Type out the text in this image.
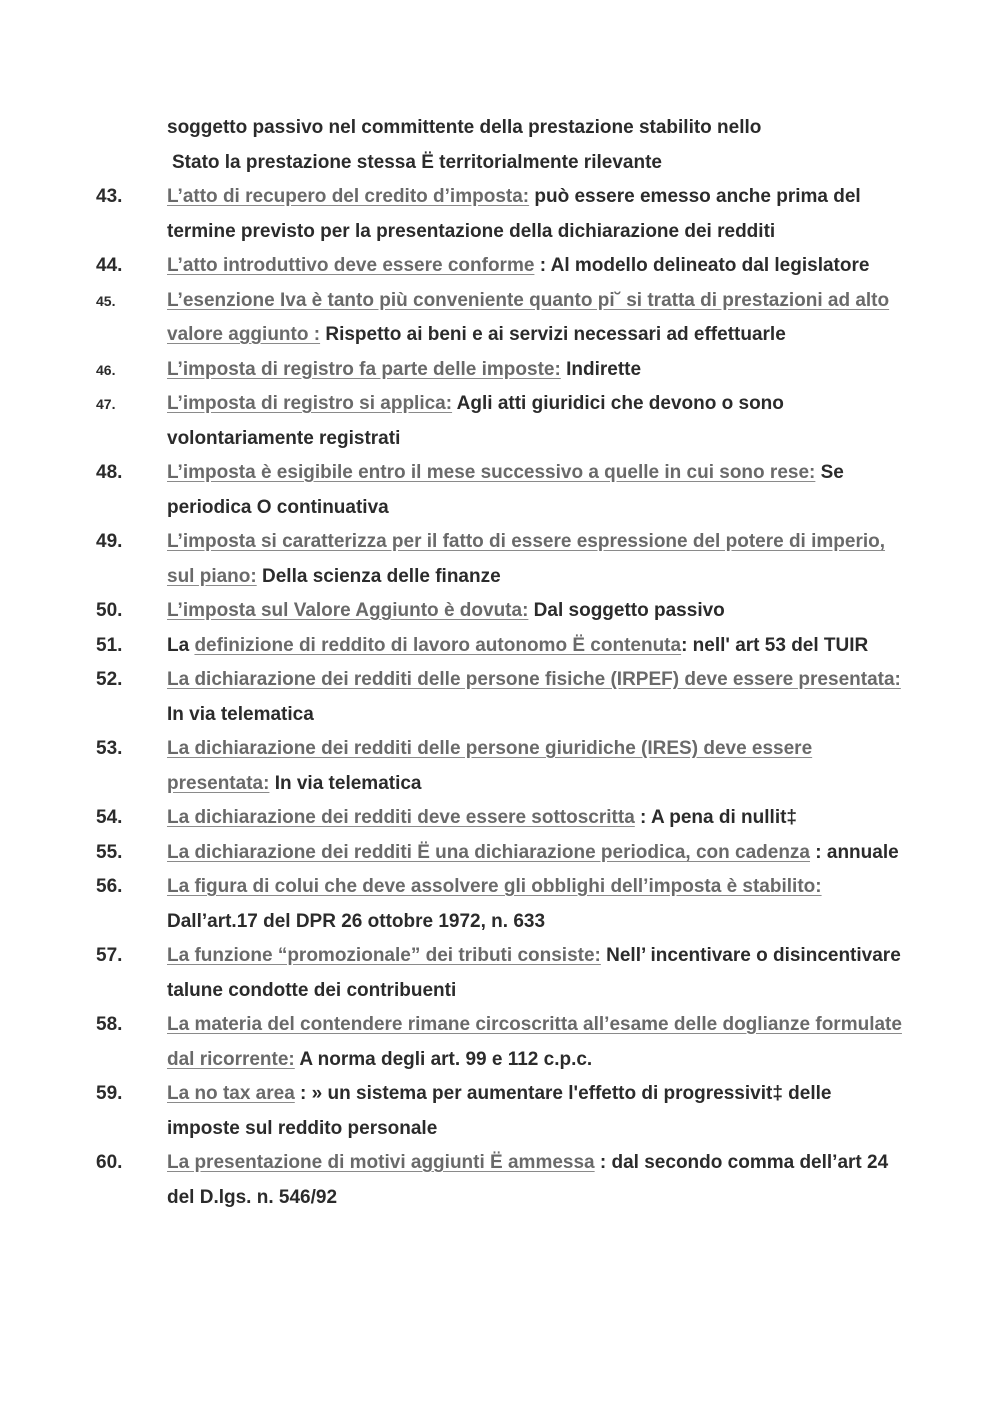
soggetto passivo nel committente della prestazione stabilito nello
Stato la prestazione stessa Ë territorialmente rilevante
43.	L’atto di recupero del credito d’imposta: può essere emesso anche prima del termine previsto per la presentazione della dichiarazione dei redditi
44.	L’atto introduttivo deve essere conforme : Al modello delineato dal legislatore
45.	L’esenzione Iva è tanto più conveniente quanto pi˘ si tratta di prestazioni ad alto valore aggiunto : Rispetto ai beni e ai servizi necessari ad effettuarle
46.	L’imposta di registro fa parte delle imposte: Indirette
47.	L’imposta di registro si applica: Agli atti giuridici che devono o sono volontariamente registrati
48.	L’imposta è esigibile entro il mese successivo a quelle in cui sono rese: Se periodica O continuativa
49.	L’imposta si caratterizza per il fatto di essere espressione del potere di imperio, sul piano: Della scienza delle finanze
50.	L’imposta sul Valore Aggiunto è dovuta: Dal soggetto passivo
51.	La definizione di reddito di lavoro autonomo Ë contenuta: nell' art 53 del TUIR
52.	La dichiarazione dei redditi delle persone fisiche (IRPEF) deve essere presentata: In via telematica
53.	La dichiarazione dei redditi delle persone giuridiche (IRES) deve essere presentata: In via telematica
54.	La dichiarazione dei redditi deve essere sottoscritta : A pena di nullit‡
55.	La dichiarazione dei redditi Ë una dichiarazione periodica, con cadenza : annuale
56.	La figura di colui che deve assolvere gli obblighi dell’imposta è stabilito: Dall’art.17 del DPR 26 ottobre 1972, n. 633
57.	La funzione “promozionale” dei tributi consiste: Nell’ incentivare o disincentivare talune condotte dei contribuenti
58.	La materia del contendere rimane circoscritta all’esame delle doglianze formulate dal ricorrente: A norma degli art. 99 e 112 c.p.c.
59.	La no tax area : » un sistema per aumentare l'effetto di progressivit‡ delle imposte sul reddito personale
60.	La presentazione di motivi aggiunti Ë ammessa : dal secondo comma dell’art 24 del D.lgs. n. 546/92
